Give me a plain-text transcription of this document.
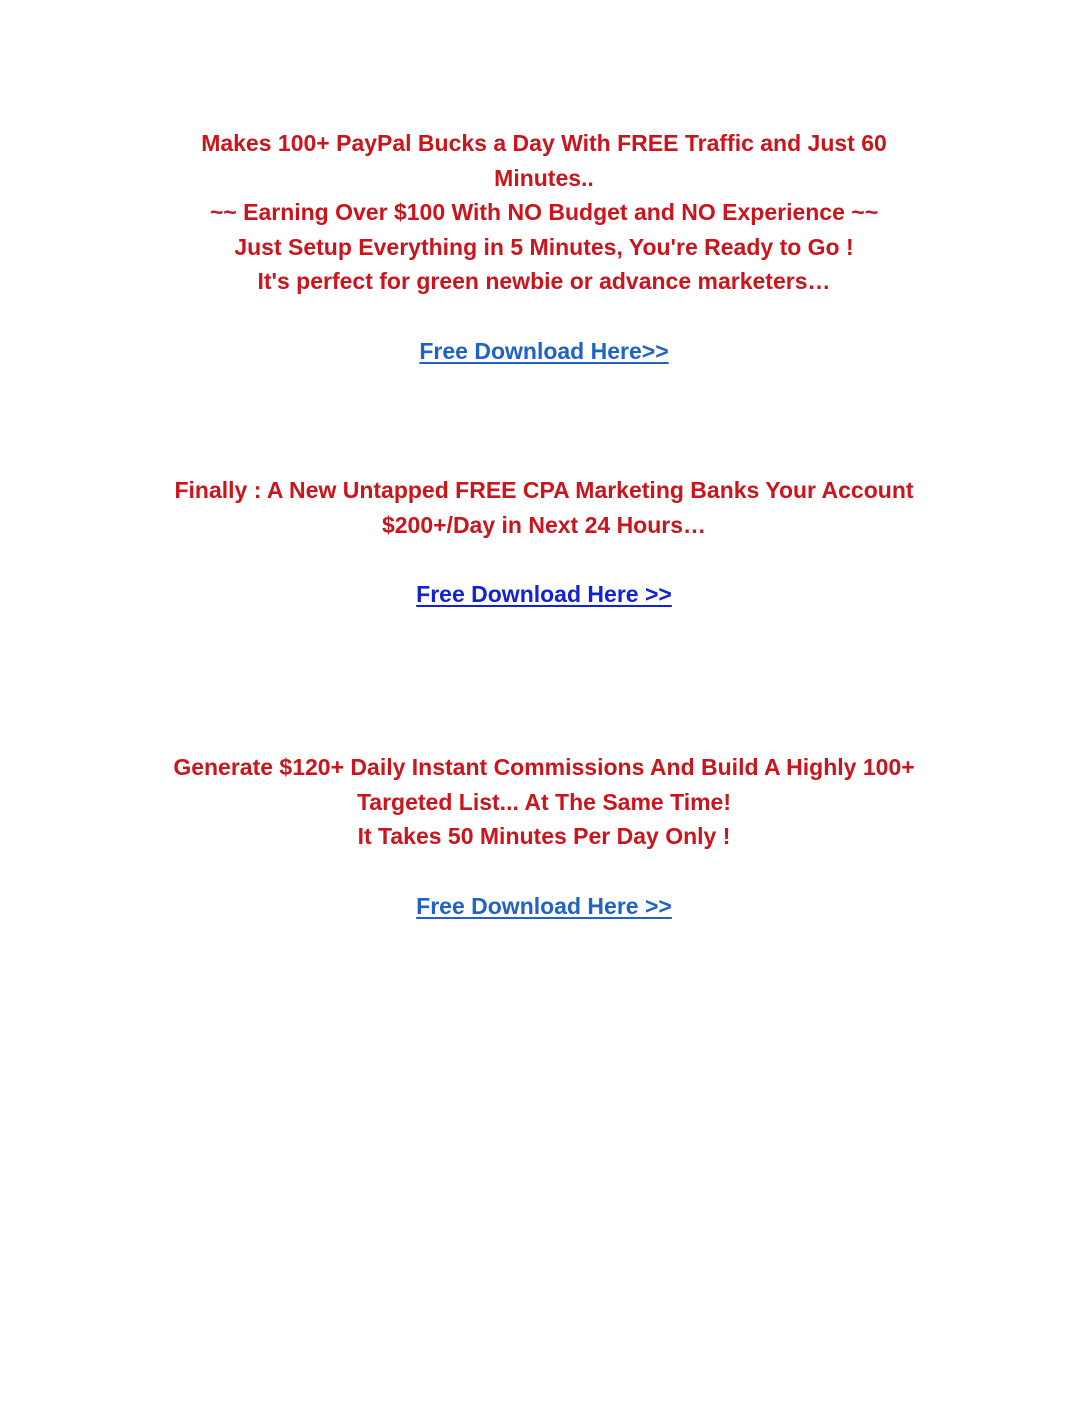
Makes 100+ PayPal Bucks a Day With FREE Traffic and Just 60
Minutes..
~~ Earning Over $100 With NO Budget and NO Experience ~~
Just Setup Everything in 5 Minutes, You're Ready to Go !
It's perfect for green newbie or advance marketers…
Free Download Here>>
Finally : A New Untapped FREE CPA Marketing Banks Your Account
$200+/Day in Next 24 Hours…
Free Download Here >>
Generate $120+ Daily Instant Commissions And Build A Highly 100+
Targeted List... At The Same Time!
It Takes 50 Minutes Per Day Only !
Free Download Here >>
